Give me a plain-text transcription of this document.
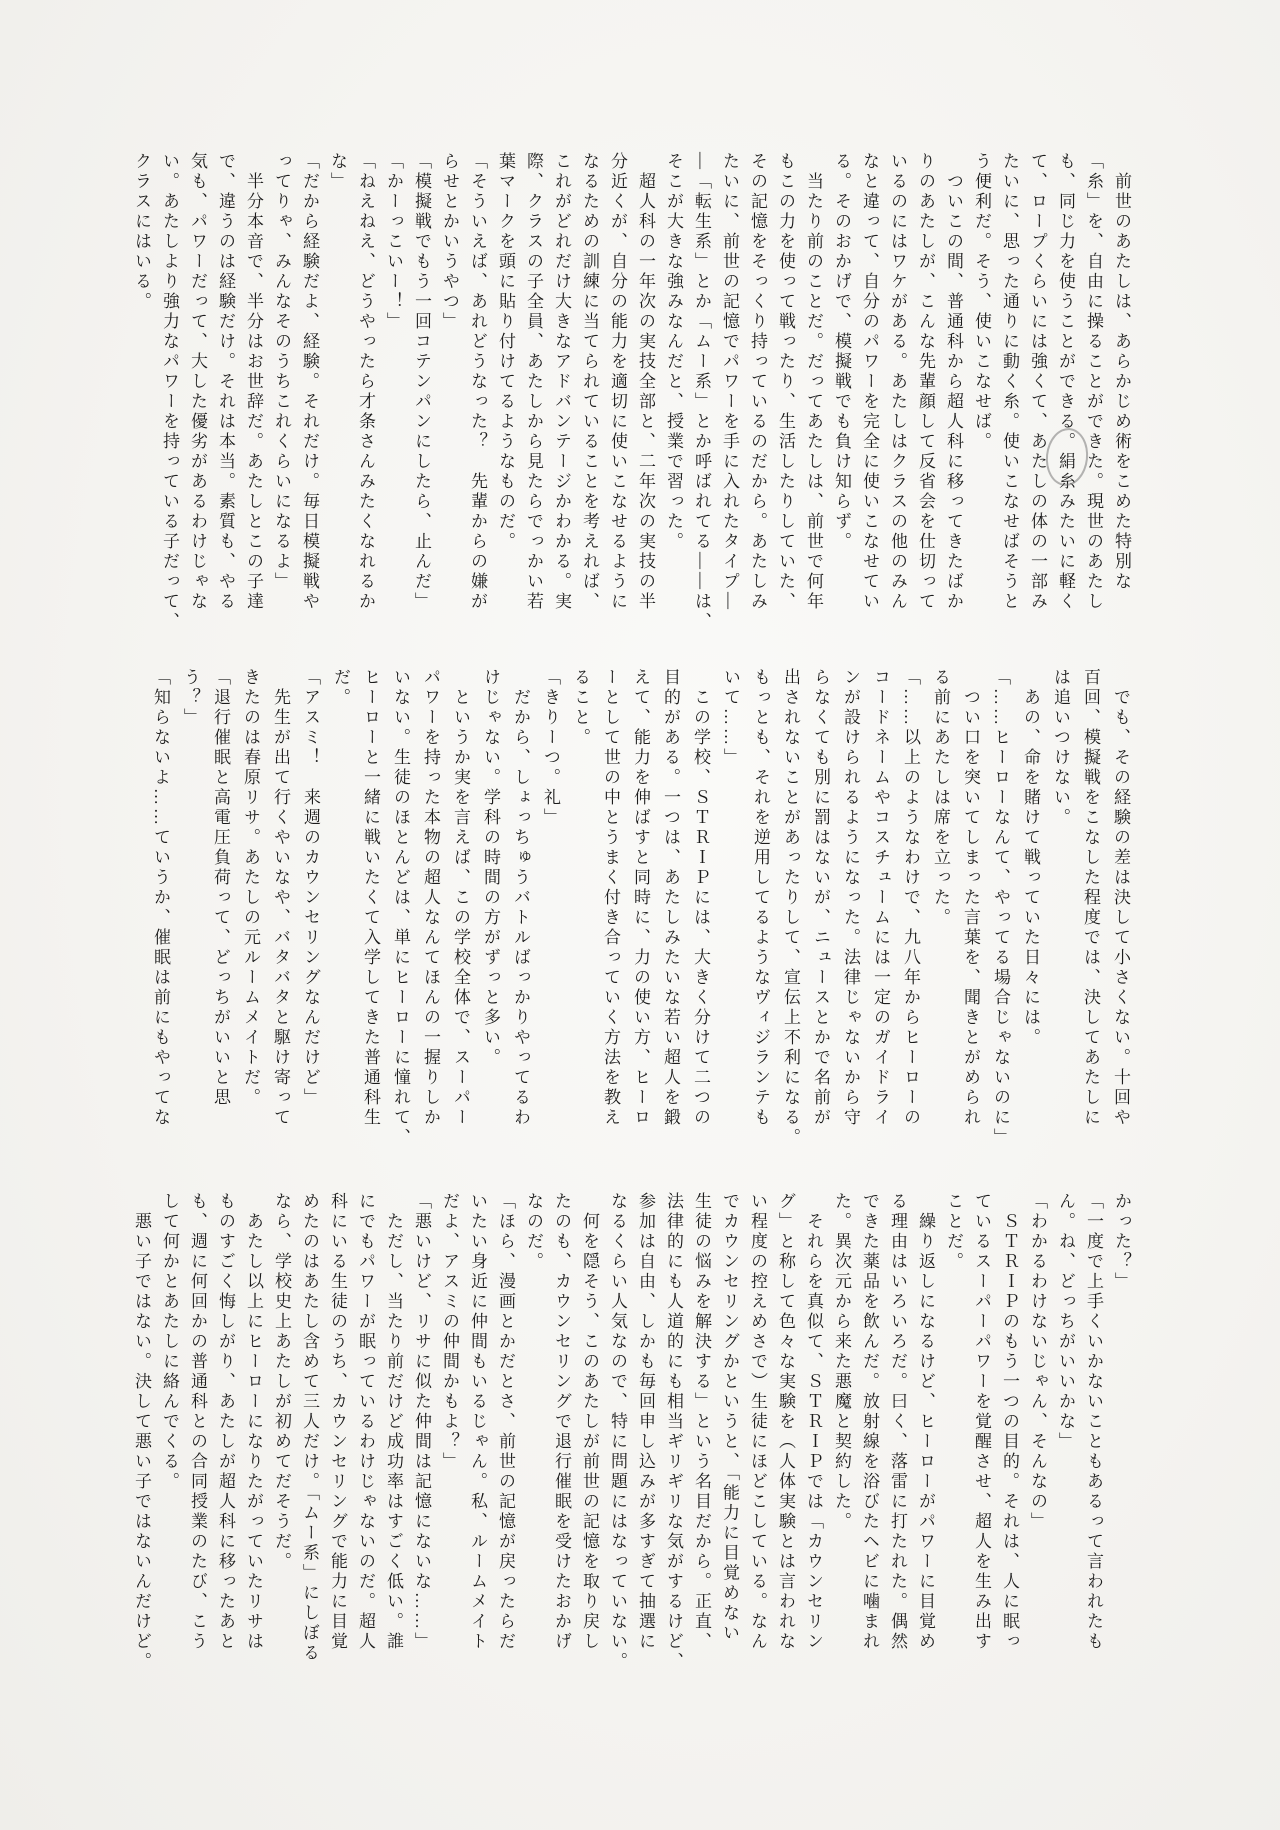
　前世のあたしは、あらかじめ術をこめた特別な

「糸」を、自由に操ることができた。現世のあたし

も、同じ力を使うことができる。絹糸みたいに軽く

て、ロープくらいには強くて、あたしの体の一部み

たいに、思った通りに動く糸。使いこなせばそうと

う便利だ。そう、使いこなせば。

　ついこの間、普通科から超人科に移ってきたばか

りのあたしが、こんな先輩顔して反省会を仕切って

いるのにはワケがある。あたしはクラスの他のみん

なと違って、自分のパワーを完全に使いこなせてい

る。そのおかげで、模擬戦でも負け知らず。

　当たり前のことだ。だってあたしは、前世で何年

もこの力を使って戦ったり、生活したりしていた、

その記憶をそっくり持っているのだから。あたしみ

たいに、前世の記憶でパワーを手に入れたタイプ―

―「転生系」とか「ムー系」とか呼ばれてる――は、

そこが大きな強みなんだと、授業で習った。

　超人科の一年次の実技全部と、二年次の実技の半

分近くが、自分の能力を適切に使いこなせるように

なるための訓練に当てられていることを考えれば、

これがどれだけ大きなアドバンテージかわかる。実

際、クラスの子全員、あたしから見たらでっかい若

葉マークを頭に貼り付けてるようなものだ。

「そういえば、あれどうなった？　先輩からの嫌が

らせとかいうやつ」

「模擬戦でもう一回コテンパンにしたら、止んだ」

「かーっこいー！」

「ねえねえ、どうやったら才条さんみたくなれるか

な」

「だから経験だよ、経験。それだけ。毎日模擬戦や

ってりゃ、みんなそのうちこれくらいになるよ」

　半分本音で、半分はお世辞だ。あたしとこの子達

で、違うのは経験だけ。それは本当。素質も、やる

気も、パワーだって、大した優劣があるわけじゃな

い。あたしより強力なパワーを持っている子だって、

クラスにはいる。

　でも、その経験の差は決して小さくない。十回や

百回、模擬戦をこなした程度では、決してあたしに

は追いつけない。

　あの、命を賭けて戦っていた日々には。

「……ヒーローなんて、やってる場合じゃないのに」

　つい口を突いてしまった言葉を、聞きとがめられ

る前にあたしは席を立った。

「……以上のようなわけで、九八年からヒーローの

コードネームやコスチュームには一定のガイドライ

ンが設けられるようになった。法律じゃないから守

らなくても別に罰はないが、ニュースとかで名前が

出されないことがあったりして、宣伝上不利になる。

もっとも、それを逆用してるようなヴィジランテも

いて……」

　この学校、ＳＴＲＩＰには、大きく分けて二つの

目的がある。一つは、あたしみたいな若い超人を鍛

えて、能力を伸ばすと同時に、力の使い方、ヒーロ

ーとして世の中とうまく付き合っていく方法を教え

ること。

「きりーつ。礼」

　だから、しょっちゅうバトルばっかりやってるわ

けじゃない。学科の時間の方がずっと多い。

　というか実を言えば、この学校全体で、スーパー

パワーを持った本物の超人なんてほんの一握りしか

いない。生徒のほとんどは、単にヒーローに憧れて、

ヒーローと一緒に戦いたくて入学してきた普通科生

だ。

「アスミ！　来週のカウンセリングなんだけど」

　先生が出て行くやいなや、バタバタと駆け寄って

きたのは春原リサ。あたしの元ルームメイトだ。

「退行催眠と高電圧負荷って、どっちがいいと思

う？」

「知らないよ……ていうか、催眠は前にもやってな

かった？」

「一度で上手くいかないこともあるって言われたも

ん。ね、どっちがいいかな」

「わかるわけないじゃん、そんなの」

　ＳＴＲＩＰのもう一つの目的。それは、人に眠っ

ているスーパーパワーを覚醒させ、超人を生み出す

ことだ。

　繰り返しになるけど、ヒーローがパワーに目覚め

る理由はいろいろだ。曰く、落雷に打たれた。偶然

できた薬品を飲んだ。放射線を浴びたヘビに噛まれ

た。異次元から来た悪魔と契約した。

　それらを真似て、ＳＴＲＩＰでは「カウンセリン

グ」と称して色々な実験を（人体実験とは言われな

い程度の控えめさで）生徒にほどこしている。なん

でカウンセリングかというと、「能力に目覚めない

生徒の悩みを解決する」という名目だから。正直、

法律的にも人道的にも相当ギリギリな気がするけど、

参加は自由、しかも毎回申し込みが多すぎて抽選に

なるくらい人気なので、特に問題にはなっていない。

　何を隠そう、このあたしが前世の記憶を取り戻し

たのも、カウンセリングで退行催眠を受けたおかげ

なのだ。

「ほら、漫画とかだとさ、前世の記憶が戻ったらだ

いたい身近に仲間もいるじゃん。私、ルームメイト

だよ、アスミの仲間かもよ？」

「悪いけど、リサに似た仲間は記憶にないな……」

　ただし、当たり前だけど成功率はすごく低い。誰

にでもパワーが眠っているわけじゃないのだ。超人

科にいる生徒のうち、カウンセリングで能力に目覚

めたのはあたし含めて三人だけ。「ムー系」にしぼる

なら、学校史上あたしが初めてだそうだ。

　あたし以上にヒーローになりたがっていたリサは

ものすごく悔しがり、あたしが超人科に移ったあと

も、週に何回かの普通科との合同授業のたび、こう

して何かとあたしに絡んでくる。

　悪い子ではない。決して悪い子ではないんだけど。
